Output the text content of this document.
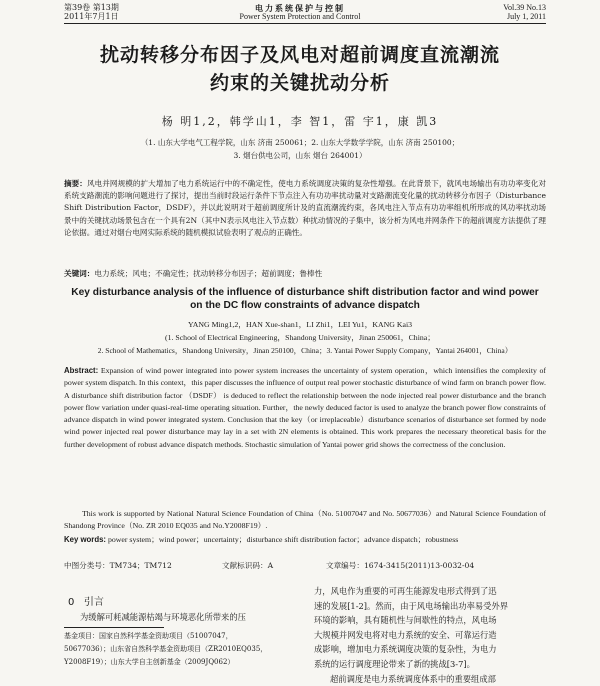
第39卷 第13期
2011年7月1日
电力系统保护与控制
Power System Protection and Control
Vol.39 No.13
July 1, 2011
扰动转移分布因子及风电对超前调度直流潮流
约束的关键扰动分析
杨 明1,2，韩学山1，李 智1，雷 宇1，康 凯3
（1. 山东大学电气工程学院，山东 济南 250061；2. 山东大学数学学院，山东 济南 250100；
3. 烟台供电公司，山东 烟台 264001）
摘要：风电并网规模的扩大增加了电力系统运行中的不确定性，使电力系统调度决策的复杂性增强。在此背景下，就风电场输出有功功率变化对系统支路潮流的影响问题进行了探讨，提出当前时段运行条件下节点注入有功功率扰动量对支路潮流变化量的扰动转移分布因子（Disturbance Shift Distribution Factor，DSDF），并以此说明对于超前调度所计及的直流潮流约束，各风电注入节点有功功率组机所形成的风功率扰动场景中的关键扰动场景包含在一个具有2N（其中N表示风电注入节点数）种扰动情况的子集中，该分析为风电并网条件下的超前调度方法提供了理论依据。通过对烟台电网实际系统的随机模拟试验表明了观点的正确性。
关键词：电力系统；风电；不确定性；扰动转移分布因子；超前调度；鲁棒性
Key disturbance analysis of the influence of disturbance shift distribution factor and wind power on the DC flow constraints of advance dispatch
YANG Ming1,2，HAN Xue-shan1，LI Zhi1，LEI Yu1，KANG Kai3
(1. School of Electrical Engineering，Shandong University，Jinan 250061，China；
2. School of Mathematics，Shandong University，Jinan 250100，China；3. Yantai Power Supply Company，Yantai 264001，China）
Abstract: Expansion of wind power integrated into power system increases the uncertainty of system operation，which intensifies the complexity of power system dispatch. In this context，this paper discusses the influence of output real power stochastic disturbance of wind farm on branch power flow. A disturbance shift distribution factor （DSDF） is deduced to reflect the relationship between the node injected real power disturbance and the branch power flow variation under quasi-real-time operating situation. Further，the newly deduced factor is used to analyze the branch power flow constraints of advance dispatch in wind power integrated system. Conclusion that the key（or irreplaceable）disturbance scenarios of disturbance set formed by node wind power injected real power disturbance may lay in a set with 2N elements is obtained. This work prepares the necessary theoretical basis for the further development of robust advance dispatch methods. Stochastic simulation of Yantai power grid shows the correctness of the conclusion.
This work is supported by National Natural Science Foundation of China（No. 51007047 and No. 50677036）and Natural Science Foundation of Shandong Province（No. ZR 2010 EQ035 and No.Y2008F19）.
Key words: power system；wind power；uncertainty；disturbance shift distribution factor；advance dispatch；robustness
中图分类号：TM734；TM712	文献标识码：A	文章编号：1674-3415(2011)13-0032-04
0 引言
为缓解可耗减能源枯竭与环境恶化所带来的压
基金项目：国家自然科学基金资助项目（51007047，
50677036）；山东省自然科学基金资助项目（ZR2010EQ035，
Y2008F19）；山东大学自主创新基金（2009JQ062）
力，风电作为重要的可再生能源发电形式得到了迅
速的发展[1-2]。然而，由于风电场输出功率易受外界
环境的影响，具有随机性与间歇性的特点，风电场
大规模并网发电将对电力系统的安全、可靠运行造
成影响，增加电力系统调度决策的复杂性，为电力
系统的运行调度理论带来了新的挑战[3-7]。
超前调度是电力系统调度体系中的重要组成部
